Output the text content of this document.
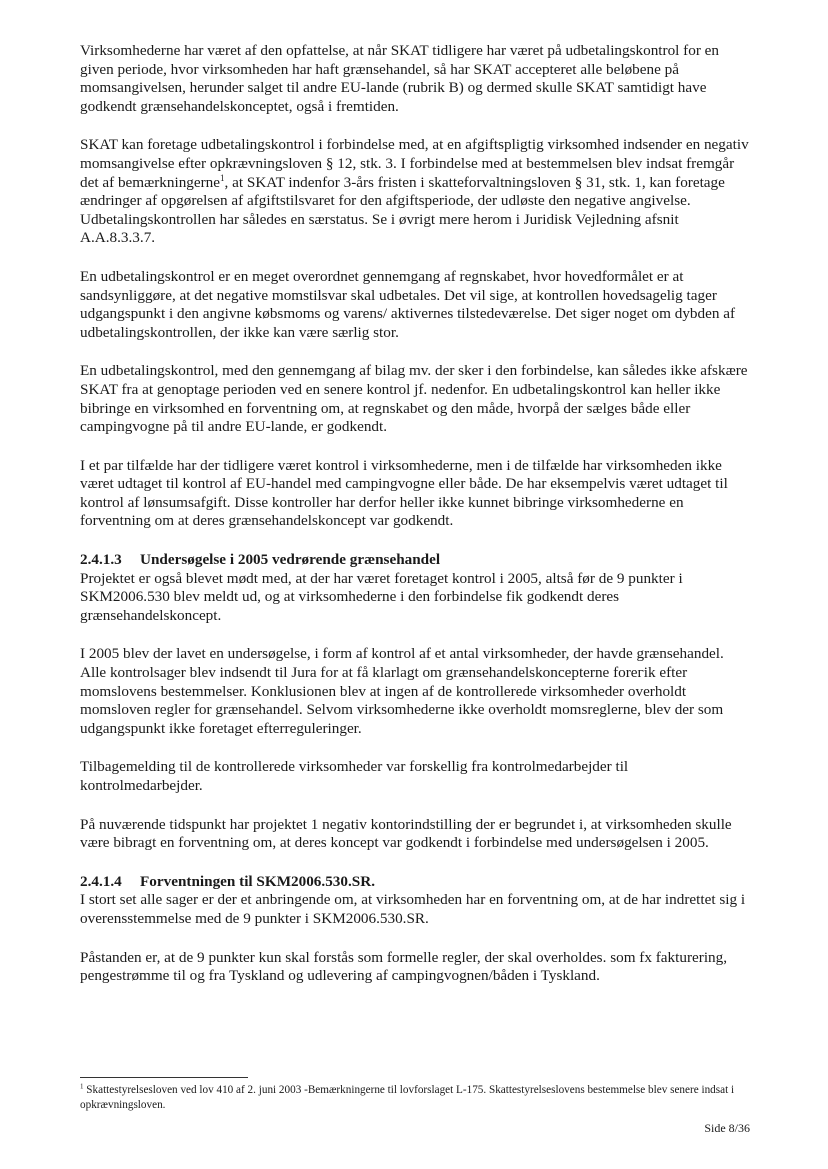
Virksomhederne har været af den opfattelse, at når SKAT tidligere har været på udbetalingskontrol for en given periode, hvor virksomheden har haft grænsehandel, så har SKAT accepteret alle beløbene på momsangivelsen, herunder salget til andre EU-lande (rubrik B) og dermed skulle SKAT samtidigt have godkendt grænsehandelskonceptet, også i fremtiden.

SKAT kan foretage udbetalingskontrol i forbindelse med, at en afgiftspligtig virksomhed indsender en negativ momsangivelse efter opkrævningsloven § 12, stk. 3. I forbindelse med at bestemmelsen blev indsat fremgår det af bemærkningerne$^1$, at SKAT indenfor 3-års fristen i skatteforvaltningsloven § 31, stk. 1, kan foretage ændringer af opgørelsen af afgiftstilsvaret for den afgiftsperiode, der udløste den negative angivelse. Udbetalingskontrollen har således en særstatus. Se i øvrigt mere herom i Juridisk Vejledning afsnit A.A.8.3.3.7.

En udbetalingskontrol er en meget overordnet gennemgang af regnskabet, hvor hovedformålet er at sandsynliggøre, at det negative momstilsvar skal udbetales. Det vil sige, at kontrollen hovedsagelig tager udgangspunkt i den angivne købsmoms og varens/ aktivernes tilstedeværelse. Det siger noget om dybden af udbetalingskontrollen, der ikke kan være særlig stor.

En udbetalingskontrol, med den gennemgang af bilag mv. der sker i den forbindelse, kan således ikke afskære SKAT fra at genoptage perioden ved en senere kontrol jf. nedenfor. En udbetalingskontrol kan heller ikke bibringe en virksomhed en forventning om, at regnskabet og den måde, hvorpå der sælges både eller campingvogne på til andre EU-lande, er godkendt.

I et par tilfælde har der tidligere været kontrol i virksomhederne, men i de tilfælde har virksomheden ikke været udtaget til kontrol af EU-handel med campingvogne eller både. De har eksempelvis været udtaget til kontrol af lønsumsafgift. Disse kontroller har derfor heller ikke kunnet bibringe virksomhederne en forventning om at deres grænsehandelskoncept var godkendt.

2.4.1.3 Undersøgelse i 2005 vedrørende grænsehandel

Projektet er også blevet mødt med, at der har været foretaget kontrol i 2005, altså før de 9 punkter i SKM2006.530 blev meldt ud, og at virksomhederne i den forbindelse fik godkendt deres grænsehandelskoncept.

I 2005 blev der lavet en undersøgelse, i form af kontrol af et antal virksomheder, der havde grænsehandel. Alle kontrolsager blev indsendt til Jura for at få klarlagt om grænsehandelskoncepterne forегik efter momslovens bestemmelser. Konklusionen blev at ingen af de kontrollerede virksomheder overholdt momsloven regler for grænsehandel. Selvom virksomhederne ikke overholdt momsreglerne, blev der som udgangspunkt ikke foretaget efterreguleringer.

Tilbagemelding til de kontrollerede virksomheder var forskellig fra kontrolmedarbejder til kontrolmedarbejder.

På nuværende tidspunkt har projektet 1 negativ kontorindstilling der er begrundet i, at virksomheden skulle være bibragt en forventning om, at deres koncept var godkendt i forbindelse med undersøgelsen i 2005.

2.4.1.4 Forventningen til SKM2006.530.SR.

I stort set alle sager er der et anbringende om, at virksomheden har en forventning om, at de har indrettet sig i overensstemmelse med de 9 punkter i SKM2006.530.SR.

Påstanden er, at de 9 punkter kun skal forstås som formelle regler, der skal overholdes. som fx fakturering, pengestrømme til og fra Tyskland og udlevering af campingvognen/båden i Tyskland.

$^1$ Skattestyrelsesloven ved lov 410 af 2. juni 2003 -Bemærkningerne til lovforslaget L-175. Skattestyrelseslovens bestemmelse blev senere indsat i opkrævningsloven.

Side 8/36
